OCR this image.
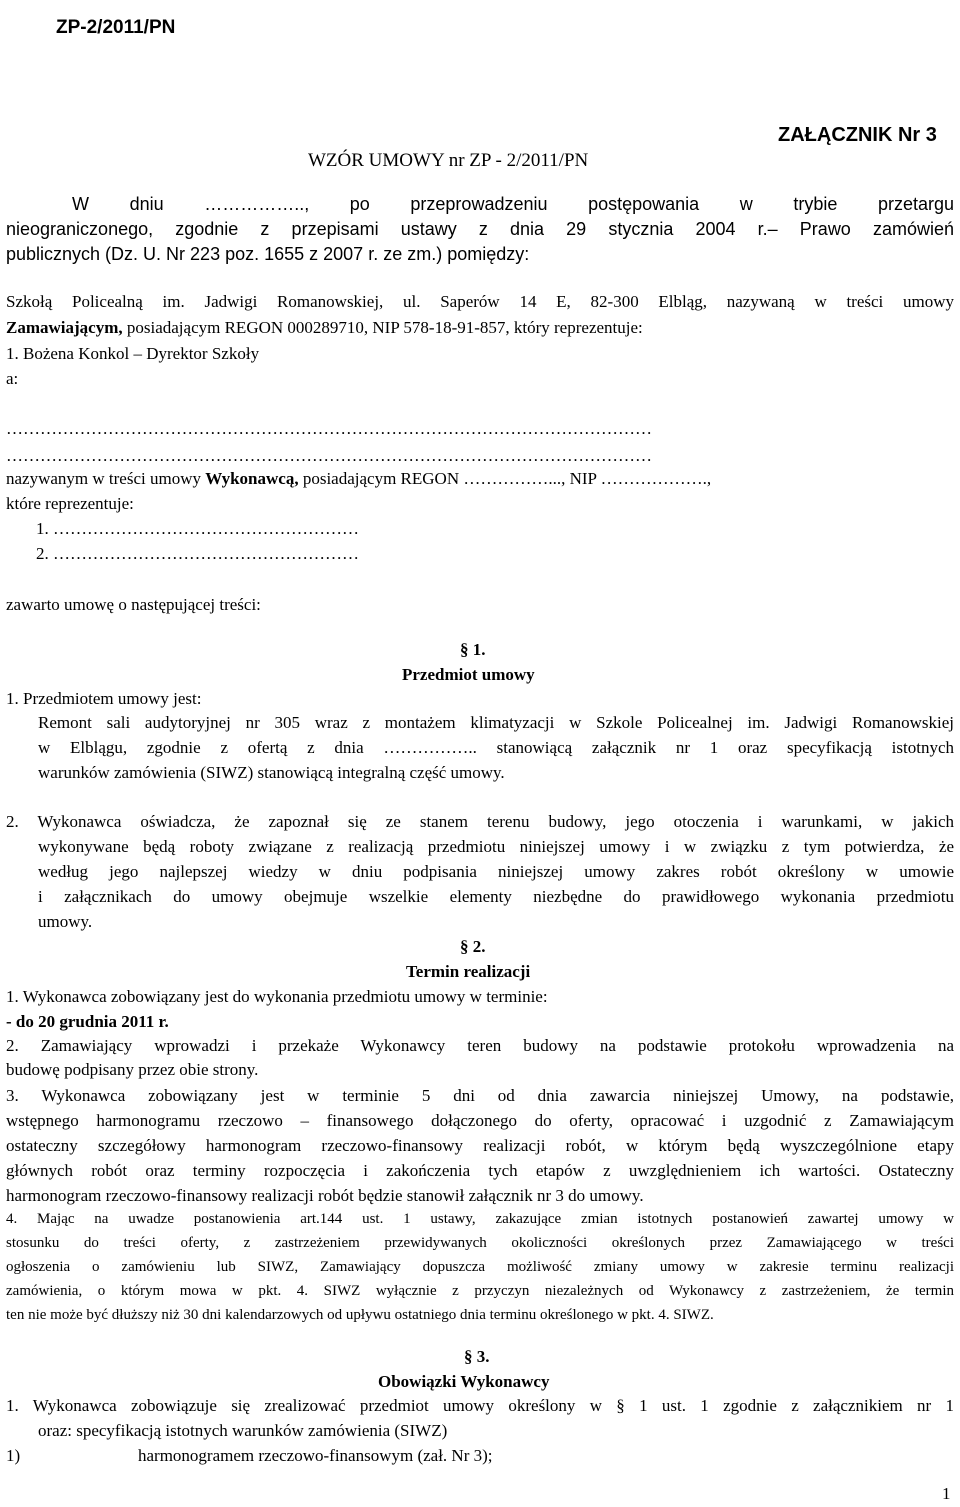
ZP-2/2011/PN
ZAŁĄCZNIK Nr 3
WZÓR UMOWY nr ZP - 2/2011/PN
W dniu …………….., po przeprowadzeniu postępowania w trybie przetargu
nieograniczonego, zgodnie z przepisami ustawy z dnia 29 stycznia 2004 r.– Prawo zamówień
publicznych (Dz. U. Nr 223 poz. 1655 z 2007 r. ze zm.) pomiędzy:
Szkołą Policealną im. Jadwigi Romanowskiej, ul. Saperów 14 E, 82-300 Elbląg, nazywaną w treści umowy
Zamawiającym, posiadającym REGON 000289710, NIP 578-18-91-857, który reprezentuje:
1. Bożena Konkol – Dyrektor Szkoły
a:
……………………………………………………………………………………………………
……………………………………………………………………………………………………
nazywanym w treści umowy Wykonawcą, posiadającym REGON ……………..., NIP ……………….,
które reprezentuje:
1. ………………………………………………
2. ………………………………………………
zawarto umowę o następującej treści:
§ 1.
Przedmiot umowy
1. Przedmiotem umowy jest:
Remont sali audytoryjnej nr 305 wraz z montażem klimatyzacji w Szkole Policealnej im. Jadwigi Romanowskiej
w Elblągu, zgodnie z ofertą z dnia …………….. stanowiącą załącznik nr 1 oraz specyfikacją istotnych
warunków zamówienia (SIWZ) stanowiącą integralną część umowy.
2. Wykonawca oświadcza, że zapoznał się ze stanem terenu budowy, jego otoczenia i warunkami, w jakich
wykonywane będą roboty związane z realizacją przedmiotu niniejszej umowy i w związku z tym potwierdza, że
według jego najlepszej wiedzy w dniu podpisania niniejszej umowy zakres robót określony w umowie
i załącznikach do umowy obejmuje wszelkie elementy niezbędne do prawidłowego wykonania przedmiotu
umowy.
§ 2.
Termin realizacji
1. Wykonawca zobowiązany jest do wykonania przedmiotu umowy w terminie:
- do 20 grudnia 2011 r.
2. Zamawiający wprowadzi i przekaże Wykonawcy teren budowy na podstawie protokołu wprowadzenia na
budowę podpisany przez obie strony.
3. Wykonawca zobowiązany jest w terminie 5 dni od dnia zawarcia niniejszej Umowy, na podstawie,
wstępnego harmonogramu rzeczowo – finansowego dołączonego do oferty, opracować i uzgodnić z Zamawiającym
ostateczny szczegółowy harmonogram rzeczowo-finansowy realizacji robót, w którym będą wyszczególnione etapy
głównych robót oraz terminy rozpoczęcia i zakończenia tych etapów z uwzględnieniem ich wartości. Ostateczny
harmonogram rzeczowo-finansowy realizacji robót będzie stanowił załącznik nr 3 do umowy.
4. Mając na uwadze postanowienia art.144 ust. 1 ustawy, zakazujące zmian istotnych postanowień zawartej umowy w
stosunku do treści oferty, z zastrzeżeniem przewidywanych okoliczności określonych przez Zamawiającego w treści
ogłoszenia o zamówieniu lub SIWZ, Zamawiający dopuszcza możliwość zmiany umowy w zakresie terminu realizacji
zamówienia, o którym mowa w pkt. 4. SIWZ wyłącznie z przyczyn niezależnych od Wykonawcy z zastrzeżeniem, że termin
ten nie może być dłuższy niż 30 dni kalendarzowych od upływu ostatniego dnia terminu określonego w pkt. 4. SIWZ.
§ 3.
Obowiązki Wykonawcy
1. Wykonawca zobowiązuje się zrealizować przedmiot umowy określony w § 1 ust. 1 zgodnie z załącznikiem nr 1
oraz: specyfikacją istotnych warunków zamówienia (SIWZ)
1)	harmonogramem rzeczowo-finansowym (zał. Nr 3);
1
